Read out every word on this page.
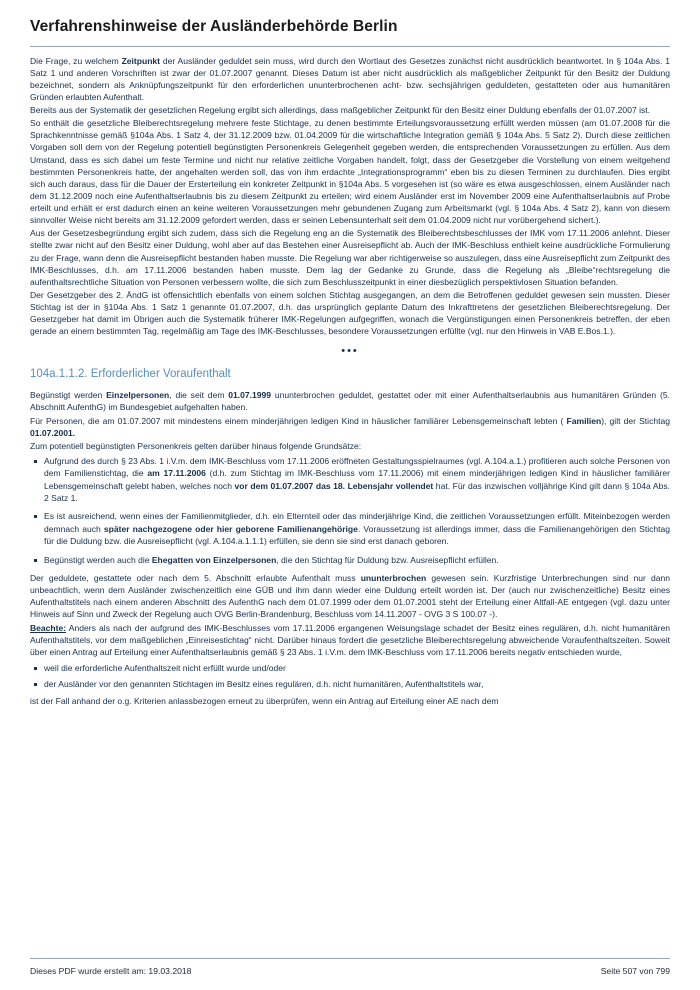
Verfahrenshinweise der Ausländerbehörde Berlin

Die Frage, zu welchem Zeitpunkt der Ausländer geduldet sein muss, wird durch den Wortlaut des Gesetzes zunächst nicht ausdrücklich beantwortet. In § 104a Abs. 1 Satz 1 und anderen Vorschriften ist zwar der 01.07.2007 genannt. Dieses Datum ist aber nicht ausdrücklich als maßgeblicher Zeitpunkt für den Besitz der Duldung bezeichnet, sondern als Anknüpfungszeitpunkt für den erforderlichen ununterbrochenen acht- bzw. sechsjährigen geduldeten, gestatteten oder aus humanitären Gründen erlaubten Aufenthalt.

Bereits aus der Systematik der gesetzlichen Regelung ergibt sich allerdings, dass maßgeblicher Zeitpunkt für den Besitz einer Duldung ebenfalls der 01.07.2007 ist.

So enthält die gesetzliche Bleiberechtsregelung mehrere feste Stichtage, zu denen bestimmte Erteilungsvoraussetzung erfüllt werden müssen (am 01.07.2008 für die Sprachkenntnisse gemäß §104a Abs. 1 Satz 4, der 31.12.2009 bzw. 01.04.2009 für die wirtschaftliche Integration gemäß § 104a Abs. 5 Satz 2). Durch diese zeitlichen Vorgaben soll dem von der Regelung potentiell begünstigten Personenkreis Gelegenheit gegeben werden, die entsprechenden Voraussetzungen zu erfüllen. Aus dem Umstand, dass es sich dabei um feste Termine und nicht nur relative zeitliche Vorgaben handelt, folgt, dass der Gesetzgeber die Vorstellung von einem weitgehend bestimmten Personenkreis hatte, der angehalten werden soll, das von ihm erdachte „Integrationsprogramm“ eben bis zu diesen Terminen zu durchlaufen. Dies ergibt sich auch daraus, dass für die Dauer der Ersterteilung ein konkreter Zeitpunkt in §104a Abs. 5 vorgesehen ist (so wäre es etwa ausgeschlossen, einem Ausländer nach dem 31.12.2009 noch eine Aufenthaltserlaubnis bis zu diesem Zeitpunkt zu erteilen; wird einem Ausländer erst im November 2009 eine Aufenthaltserlaubnis auf Probe erteilt und erhält er erst dadurch einen an keine weiteren Voraussetzungen mehr gebundenen Zugang zum Arbeitsmarkt (vgl. § 104a Abs. 4 Satz 2), kann von diesem sinnvoller Weise nicht bereits am 31.12.2009 gefordert werden, dass er seinen Lebensunterhalt seit dem 01.04.2009 nicht nur vorübergehend sichert.).

Aus der Gesetzesbegründung ergibt sich zudem, dass sich die Regelung eng an die Systematik des Bleiberechtsbeschlusses der IMK vom 17.11.2006 anlehnt. Dieser stellte zwar nicht auf den Besitz einer Duldung, wohl aber auf das Bestehen einer Ausreisepflicht ab. Auch der IMK-Beschluss enthielt keine ausdrückliche Formulierung zu der Frage, wann denn die Ausreisepflicht bestanden haben musste. Die Regelung war aber richtigerweise so auszulegen, dass eine Ausreisepflicht zum Zeitpunkt des IMK-Beschlusses, d.h. am 17.11.2006 bestanden haben musste. Dem lag der Gedanke zu Grunde, dass die Regelung als „Bleibe“rechtsregelung die aufenthaltsrechtliche Situation von Personen verbessern wollte, die sich zum Beschlusszeitpunkt in einer diesbezüglich perspektivlosen Situation befanden.

Der Gesetzgeber des 2. ÄndG ist offensichtlich ebenfalls von einem solchen Stichtag ausgegangen, an dem die Betroffenen geduldet gewesen sein mussten. Dieser Stichtag ist der in §104a Abs. 1 Satz 1 genannte 01.07.2007, d.h. das ursprünglich geplante Datum des Inkrafttretens der gesetzlichen Bleiberechtsregelung. Der Gesetzgeber hat damit im Übrigen auch die Systematik früherer IMK-Regelungen aufgegriffen, wonach die Vergünstigungen einen Personenkreis betreffen, der eben gerade an einem bestimmten Tag, regelmäßig am Tage des IMK-Beschlusses, besondere Voraussetzungen erfüllte (vgl. nur den Hinweis in VAB E.Bos.1.).

•••
104a.1.1.2. Erforderlicher Voraufenthalt

Begünstigt werden Einzelpersonen, die seit dem 01.07.1999 ununterbrochen geduldet, gestattet oder mit einer Aufenthaltserlaubnis aus humanitären Gründen (5. Abschnitt AufenthG) im Bundesgebiet aufgehalten haben.

Für Personen, die am 01.07.2007 mit mindestens einem minderjährigen ledigen Kind in häuslicher familiärer Lebensgemeinschaft lebten ( Familien), gilt der Stichtag 01.07.2001.

Zum potentiell begünstigten Personenkreis gelten darüber hinaus folgende Grundsätze:

Aufgrund des durch § 23 Abs. 1 i.V.m. dem IMK-Beschluss vom 17.11.2006 eröffneten Gestaltungsspielraumes (vgl. A.104.a.1.) profitieren auch solche Personen von dem Familienstichtag, die am 17.11.2006 (d.h. zum Stichtag im IMK-Beschluss vom 17.11.2006) mit einem minderjährigen ledigen Kind in häuslicher familiärer Lebensgemeinschaft gelebt haben, welches noch vor dem 01.07.2007 das 18. Lebensjahr vollendet hat. Für das inzwischen volljährige Kind gilt dann § 104a Abs. 2 Satz 1.
Es ist ausreichend, wenn eines der Familienmitglieder, d.h. ein Elternteil oder das minderjährige Kind, die zeitlichen Voraussetzungen erfüllt. Miteinbezogen werden demnach auch später nachgezogene oder hier geborene Familienangehörige. Voraussetzung ist allerdings immer, dass die Familienangehörigen den Stichtag für die Duldung bzw. die Ausreisepflicht (vgl. A.104.a.1.1.1) erfüllen, sie denn sie sind erst danach geboren.
Begünstigt werden auch die Ehegatten von Einzelpersonen, die den Stichtag für Duldung bzw. Ausreisepflicht erfüllen.

Der geduldete, gestattete oder nach dem 5. Abschnitt erlaubte Aufenthalt muss ununterbrochen gewesen sein. Kurzfristige Unterbrechungen sind nur dann unbeachtlich, wenn dem Ausländer zwischenzeitlich eine GÜB und ihm dann wieder eine Duldung erteilt worden ist. Der (auch nur zwischenzeitliche) Besitz eines Aufenthaltstitels nach einem anderen Abschnitt des AufenthG nach dem 01.07.1999 oder dem 01.07.2001 steht der Erteilung einer Altfall-AE entgegen (vgl. dazu unter Hinweis auf Sinn und Zweck der Regelung auch OVG Berlin-Brandenburg, Beschluss vom 14.11.2007 - OVG 3 S 100.07 -).

Beachte: Anders als nach der aufgrund des IMK-Beschlusses vom 17.11.2006 ergangenen Weisungslage schadet der Besitz eines regulären, d.h. nicht humanitären Aufenthaltstitels, vor dem maßgeblichen „Einreisestichtag“ nicht. Darüber hinaus fordert die gesetzliche Bleiberechtsregelung abweichende Voraufenthaltszeiten. Soweit über einen Antrag auf Erteilung einer Aufenthaltserlaubnis gemäß § 23 Abs. 1 i.V.m. dem IMK-Beschluss vom 17.11.2006 bereits negativ entschieden wurde,

weil die erforderliche Aufenthaltszeit nicht erfüllt wurde und/oder
der Ausländer vor den genannten Stichtagen im Besitz eines regulären, d.h. nicht humanitären, Aufenthaltstitels war,

ist der Fall anhand der o.g. Kriterien anlassbezogen erneut zu überprüfen, wenn ein Antrag auf Erteilung einer AE nach dem

Dieses PDF wurde erstellt am: 19.03.2018	Seite 507 von 799
